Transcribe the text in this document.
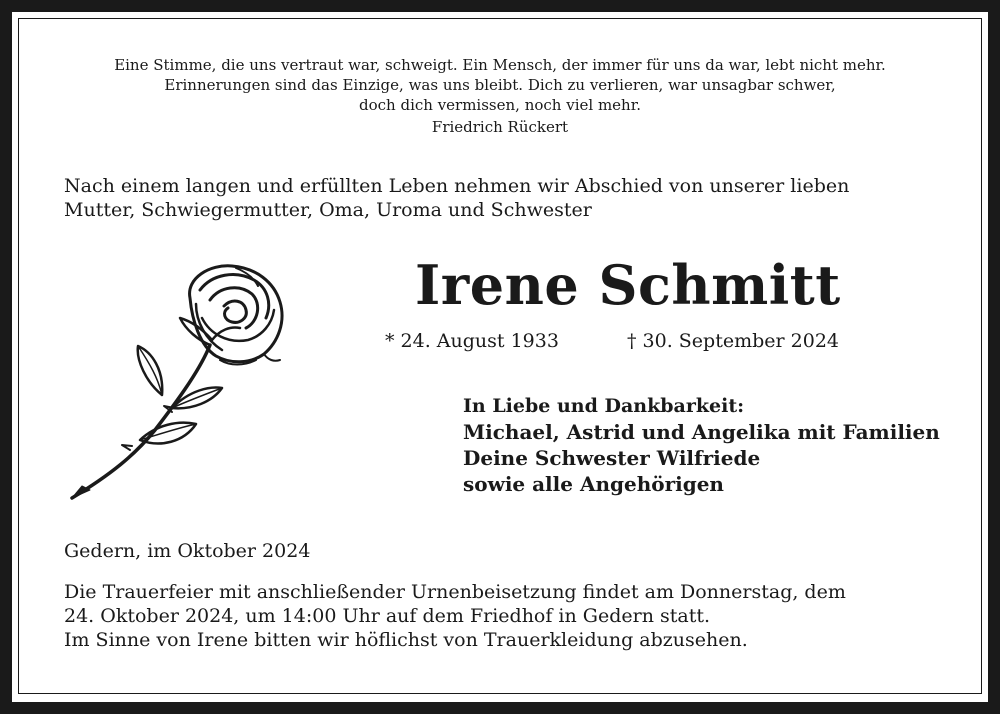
Eine Stimme, die uns vertraut war, schweigt. Ein Mensch, der immer für uns da war, lebt nicht mehr.
Erinnerungen sind das Einzige, was uns bleibt. Dich zu verlieren, war unsagbar schwer,
doch dich vermissen, noch viel mehr.
Friedrich Rückert
Nach einem langen und erfüllten Leben nehmen wir Abschied von unserer lieben
Mutter, Schwiegermutter, Oma, Uroma und Schwester
Irene Schmitt
* 24. August 1933	† 30. September 2024
In Liebe und Dankbarkeit:
Michael, Astrid und Angelika mit Familien
Deine Schwester Wilfriede
sowie alle Angehörigen
Gedern, im Oktober 2024
Die Trauerfeier mit anschließender Urnenbeisetzung findet am Donnerstag, dem
24. Oktober 2024, um 14:00 Uhr auf dem Friedhof in Gedern statt.
Im Sinne von Irene bitten wir höflichst von Trauerkleidung abzusehen.
